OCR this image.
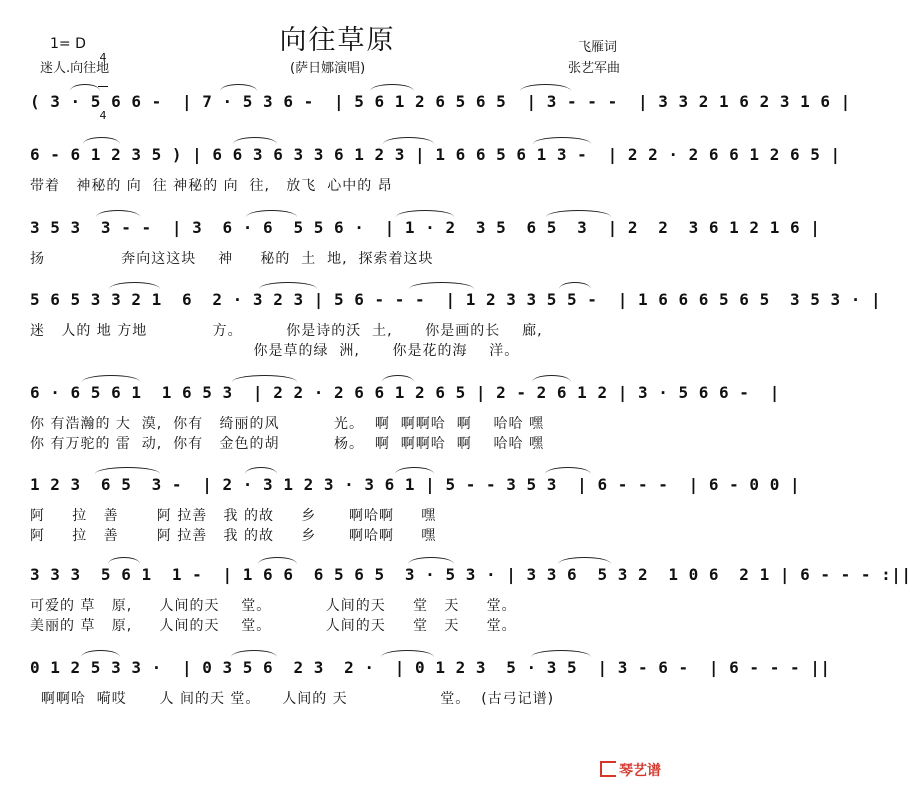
1= D

4

4

向往草原	飞雁词
迷人.向往地	(萨日娜演唱)	张艺军曲
( 3 · 5 6 6 -  | 7 · 5 3 6 -  | 5 6 1 2 6 5 6 5  | 3 - - -  | 3 3 2 1 6 2 3 1 6 |
6 - 6 1 2 3 5 ) | 6 6 3 6 3 3 6 1 2 3 | 1 6 6 5 6 1 3 -  | 2 2 · 2 6 6 1 2 6 5 |
带着   神秘的 向  往 神秘的 向  往,   放飞  心中的 昂
3 5 3  3 - -  | 3  6 · 6  5 5 6 ·  | 1 · 2  3 5  6 5  3  | 2  2  3 6 1 2 1 6 |
扬              奔向这这块    神     秘的  土  地,  探索着这块
5 6 5 3 3 2 1  6  2 · 3 2 3 | 5 6 - - -  | 1 2 3 3 5 5 -  | 1 6 6 6 5 6 5  3 5 3 · |
迷   人的 地 方地            方。        你是诗的沃  土,      你是画的长    廊,
你是草的绿  洲,      你是花的海    洋。
6 · 6 5 6 1  1 6 5 3  | 2 2 · 2 6 6 1 2 6 5 | 2 - 2 6 1 2 | 3 · 5 6 6 -  |
你 有浩瀚的 大  漠,  你有   绮丽的风          光。  啊  啊啊哈  啊    哈哈 嘿
你 有万驼的 雷  动,  你有   金色的胡          杨。  啊  啊啊哈  啊    哈哈 嘿
1 2 3  6 5  3 -  | 2 · 3 1 2 3 · 3 6 1 | 5 - - 3 5 3  | 6 - - -  | 6 - 0 0 |
阿     拉   善       阿 拉善   我 的故     乡      啊哈啊     嘿
阿     拉   善       阿 拉善   我 的故     乡      啊哈啊     嘿
3 3 3  5 6 1  1 -  | 1 6 6  6 5 6 5  3 · 5 3 · | 3 3 6  5 3 2  1 0 6  2 1 | 6 - - - :||
可爱的 草   原,     人间的天    堂。          人间的天     堂   天     堂。
美丽的 草   原,     人间的天    堂。          人间的天     堂   天     堂。
0 1 2 5 3 3 ·  | 0 3 5 6  2 3  2 ·  | 0 1 2 3  5 · 3 5  | 3 - 6 -  | 6 - - - ||
啊啊哈  嗬哎      人 间的天 堂。    人间的 天                 堂。  (古弓记谱)
琴艺谱
